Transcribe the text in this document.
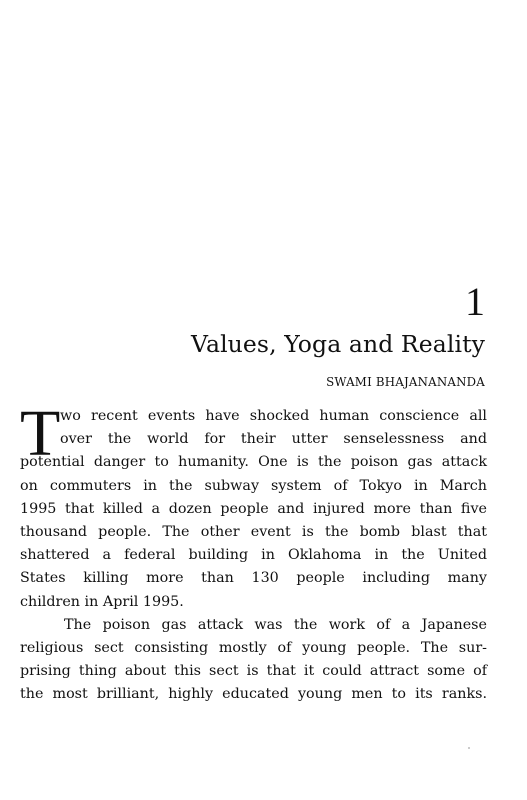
1
Values, Yoga and Reality
SWAMI BHAJANANANDA
T wo recent events have shocked human conscience all
over the world for their utter senselessness and
potential danger to humanity. One is the poison gas attack
on commuters in the subway system of Tokyo in March
1995 that killed a dozen people and injured more than five
thousand people. The other event is the bomb blast that
shattered a federal building in Oklahoma in the United
States killing more than 130 people including many
children in April 1995.
The poison gas attack was the work of a Japanese
religious sect consisting mostly of young people. The sur-
prising thing about this sect is that it could attract some of
the most brilliant, highly educated young men to its ranks.
